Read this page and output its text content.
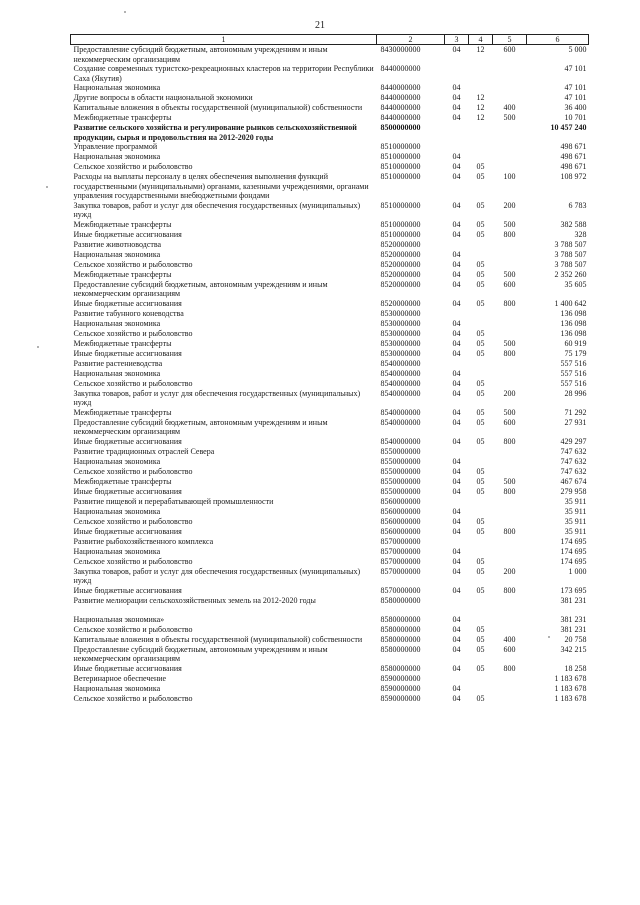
21
1	2	3	4	5	6
Предоставление субсидий бюджетным, автономным учреждениям и иным некоммерческим организациям	8430000000	04	12	600	5 000
Создание современных туристско-рекреационных кластеров на территории Республики Саха (Якутия)	8440000000				47 101
Национальная экономика	8440000000	04			47 101
Другие вопросы в области национальной экономики	8440000000	04	12		47 101
Капитальные вложения в объекты государственной (муниципальной) собственности	8440000000	04	12	400	36 400
Межбюджетные трансферты	8440000000	04	12	500	10 701
Развитие сельского хозяйства и регулирование рынков сельскохозяйственной продукции, сырья и продовольствия на 2012-2020 годы	8500000000				10 457 240
Управление программой	8510000000				498 671
Национальная экономика	8510000000	04			498 671
Сельское хозяйство и рыболовство	8510000000	04	05		498 671
Расходы на выплаты персоналу в целях обеспечения выполнения функций государственными (муниципальными) органами, казенными учреждениями, органами управления государственными внебюджетными фондами	8510000000	04	05	100	108 972
Закупка товаров, работ и услуг для обеспечения государственных (муниципальных) нужд	8510000000	04	05	200	6 783
Межбюджетные трансферты	8510000000	04	05	500	382 588
Иные бюджетные ассигнования	8510000000	04	05	800	328
Развитие животноводства	8520000000				3 788 507
Национальная экономика	8520000000	04			3 788 507
Сельское хозяйство и рыболовство	8520000000	04	05		3 788 507
Межбюджетные трансферты	8520000000	04	05	500	2 352 260
Предоставление субсидий бюджетным, автономным учреждениям и иным некоммерческим организациям	8520000000	04	05	600	35 605
Иные бюджетные ассигнования	8520000000	04	05	800	1 400 642
Развитие табунного коневодства	8530000000				136 098
Национальная экономика	8530000000	04			136 098
Сельское хозяйство и рыболовство	8530000000	04	05		136 098
Межбюджетные трансферты	8530000000	04	05	500	60 919
Иные бюджетные ассигнования	8530000000	04	05	800	75 179
Развитие растениеводства	8540000000				557 516
Национальная экономика	8540000000	04			557 516
Сельское хозяйство и рыболовство	8540000000	04	05		557 516
Закупка товаров, работ и услуг для обеспечения государственных (муниципальных) нужд	8540000000	04	05	200	28 996
Межбюджетные трансферты	8540000000	04	05	500	71 292
Предоставление субсидий бюджетным, автономным учреждениям и иным некоммерческим организациям	8540000000	04	05	600	27 931
Иные бюджетные ассигнования	8540000000	04	05	800	429 297
Развитие традиционных отраслей Севера	8550000000				747 632
Национальная экономика	8550000000	04			747 632
Сельское хозяйство и рыболовство	8550000000	04	05		747 632
Межбюджетные трансферты	8550000000	04	05	500	467 674
Иные бюджетные ассигнования	8550000000	04	05	800	279 958
Развитие пищевой и перерабатывающей промышленности	8560000000				35 911
Национальная экономика	8560000000	04			35 911
Сельское хозяйство и рыболовство	8560000000	04	05		35 911
Иные бюджетные ассигнования	8560000000	04	05	800	35 911
Развитие рыбохозяйственного комплекса	8570000000				174 695
Национальная экономика	8570000000	04			174 695
Сельское хозяйство и рыболовство	8570000000	04	05		174 695
Закупка товаров, работ и услуг для обеспечения государственных (муниципальных) нужд	8570000000	04	05	200	1 000
Иные бюджетные ассигнования	8570000000	04	05	800	173 695
Развитие мелиорации сельскохозяйственных земель на 2012-2020 годы	8580000000				381 231
Национальная экономика»	8580000000	04			381 231
Сельское хозяйство и рыболовство	8580000000	04	05		381 231
Капитальные вложения в объекты государственной (муниципальной) собственности	8580000000	04	05	400	20 758
Предоставление субсидий бюджетным, автономным учреждениям и иным некоммерческим организациям	8580000000	04	05	600	342 215
Иные бюджетные ассигнования	8580000000	04	05	800	18 258
Ветеринарное обеспечение	8590000000				1 183 678
Национальная экономика	8590000000	04			1 183 678
Сельское хозяйство и рыболовство	8590000000	04	05		1 183 678
